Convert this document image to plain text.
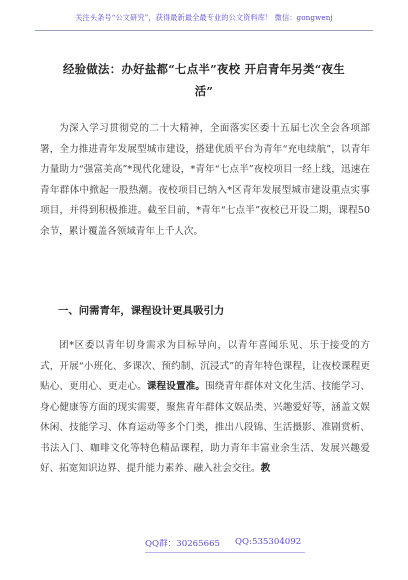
关注头条号“公文研究”，获得最新最全最专业的公文资料库！ 微信：gongwenj
经验做法：办好盐都“七点半”夜校 开启青年另类“夜生
活”
为深入学习贯彻党的二十大精神，全面落实区委十五届七次全会各项部署，全力推进青年发展型城市建设，搭建优质平台为青年“充电续航”，以青年力量助力“强富美高”*现代化建设，*青年“七点半”夜校项目一经上线，迅速在青年群体中掀起一股热潮。夜校项目已纳入*区青年发展型城市建设重点实事项目，并得到积极推进。截至目前，*青年“七点半”夜校已开设二期，课程50余节，累计覆盖各领域青年上千人次。
一、问需青年，课程设计更具吸引力
团*区委以青年切身需求为目标导向，以青年喜闻乐见、乐于接受的方式，开展“小班化、多课次、预约制、沉浸式”的青年特色课程，让夜校课程更贴心、更用心、更走心。课程设置准。围绕青年群体对文化生活、技能学习、身心健康等方面的现实需要，聚焦青年群体文娱品类、兴趣爱好等，涵盖文娱休闲、技能学习、体育运动等多个门类，推出八段锦、生活摄影、准剧赏析、书法入门、咖啡文化等特色精品课程，助力青年丰富业余生活、发展兴趣爱好、拓宽知识边界、提升能力素养、融入社会交往。教
QQ群：30265665 QQ:535304092
